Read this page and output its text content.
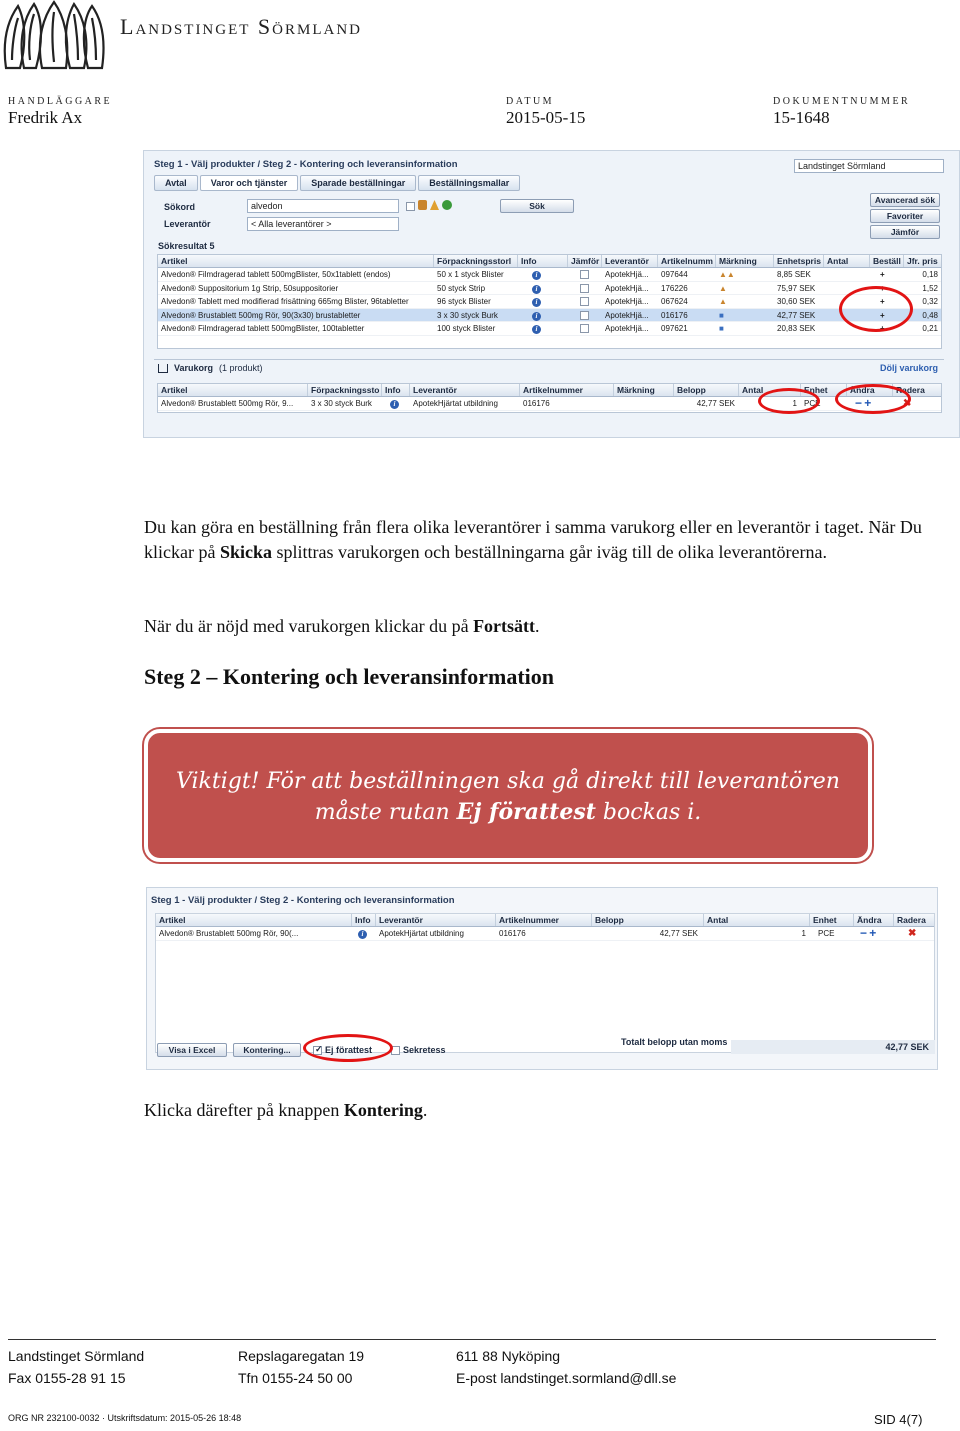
Landstinget Sörmland
HANDLÄGGARE
Fredrik Ax
DATUM
2015-05-15
DOKUMENTNUMMER
15-1648
Steg 1 - Välj produkter / Steg 2 - Kontering och leveransinformation	Landstinget Sörmland
Avtal	Varor och tjänster	Sparade beställningar	Beställningsmallar
Sökord	alvedon
Leverantör	< Alla leverantörer >
Sök
Avancerad sök
Favoriter
Jämför
Sökresultat 5
Artikel	Förpackningsstorl	Info	Jämför Leverantör	Artikelnumm Märkning	Enhetspris Antal	Beställ Jfr. pris
Alvedon® Filmdragerad tablett 500mgBlister, 50x1tablett (endos)	50 x 1 styck Blister	i	ApotekHjä...	097644	▲▲	8,85 SEK	+	0,18
Alvedon® Suppositorium 1g Strip, 50suppositorier	50 styck Strip	i	ApotekHjä...	176226	▲	75,97 SEK	+	1,52
Alvedon® Tablett med modifierad frisättning 665mg Blister, 96tabletter	96 styck Blister	i	ApotekHjä...	067624	▲	30,60 SEK	+	0,32
Alvedon® Brustablett 500mg Rör, 90(3x30) brustabletter	3 x 30 styck Burk	i	ApotekHjä...	016176	■	42,77 SEK	+	0,48
Alvedon® Filmdragerad tablett 500mgBlister, 100tabletter	100 styck Blister	i	ApotekHjä...	097621	■	20,83 SEK	+	0,21
Varukorg (1 produkt)	Dölj varukorg
Artikel	Förpackningssto Info	Leverantör	Artikelnummer	Märkning	Belopp	Antal	Enhet	Ändra	Radera
Alvedon® Brustablett 500mg Rör, 9...	3 x 30 styck Burk	i	ApotekHjärtat utbildning	016176	42,77 SEK	1 PCE	− +	✖
Du kan göra en beställning från flera olika leverantörer i samma varukorg eller en leverantör i taget. När Du klickar på Skicka splittras varukorgen och beställningarna går iväg till de olika leverantörerna.
När du är nöjd med varukorgen klickar du på Fortsätt.
Steg 2 – Kontering och leveransinformation
Viktigt! För att beställningen ska gå direkt till leverantören
måste rutan Ej förattest bockas i.
Steg 1 - Välj produkter / Steg 2 - Kontering och leveransinformation
Artikel	Info Leverantör	Artikelnummer	Belopp	Antal	Enhet	Ändra	Radera
Alvedon® Brustablett 500mg Rör, 90(...	i	ApotekHjärtat utbildning	016176	42,77 SEK	1	PCE	− +	✖
Visa i Excel	Kontering...	✓ Ej förattest	Sekretess
Totalt belopp utan moms	42,77 SEK
Klicka därefter på knappen Kontering.
Landstinget Sörmland	Repslagaregatan 19	611 88 Nyköping
Fax 0155-28 91 15	Tfn 0155-24 50 00	E-post landstinget.sormland@dll.se
ORG NR 232100-0032 · Utskriftsdatum: 2015-05-26 18:48	SID 4(7)
